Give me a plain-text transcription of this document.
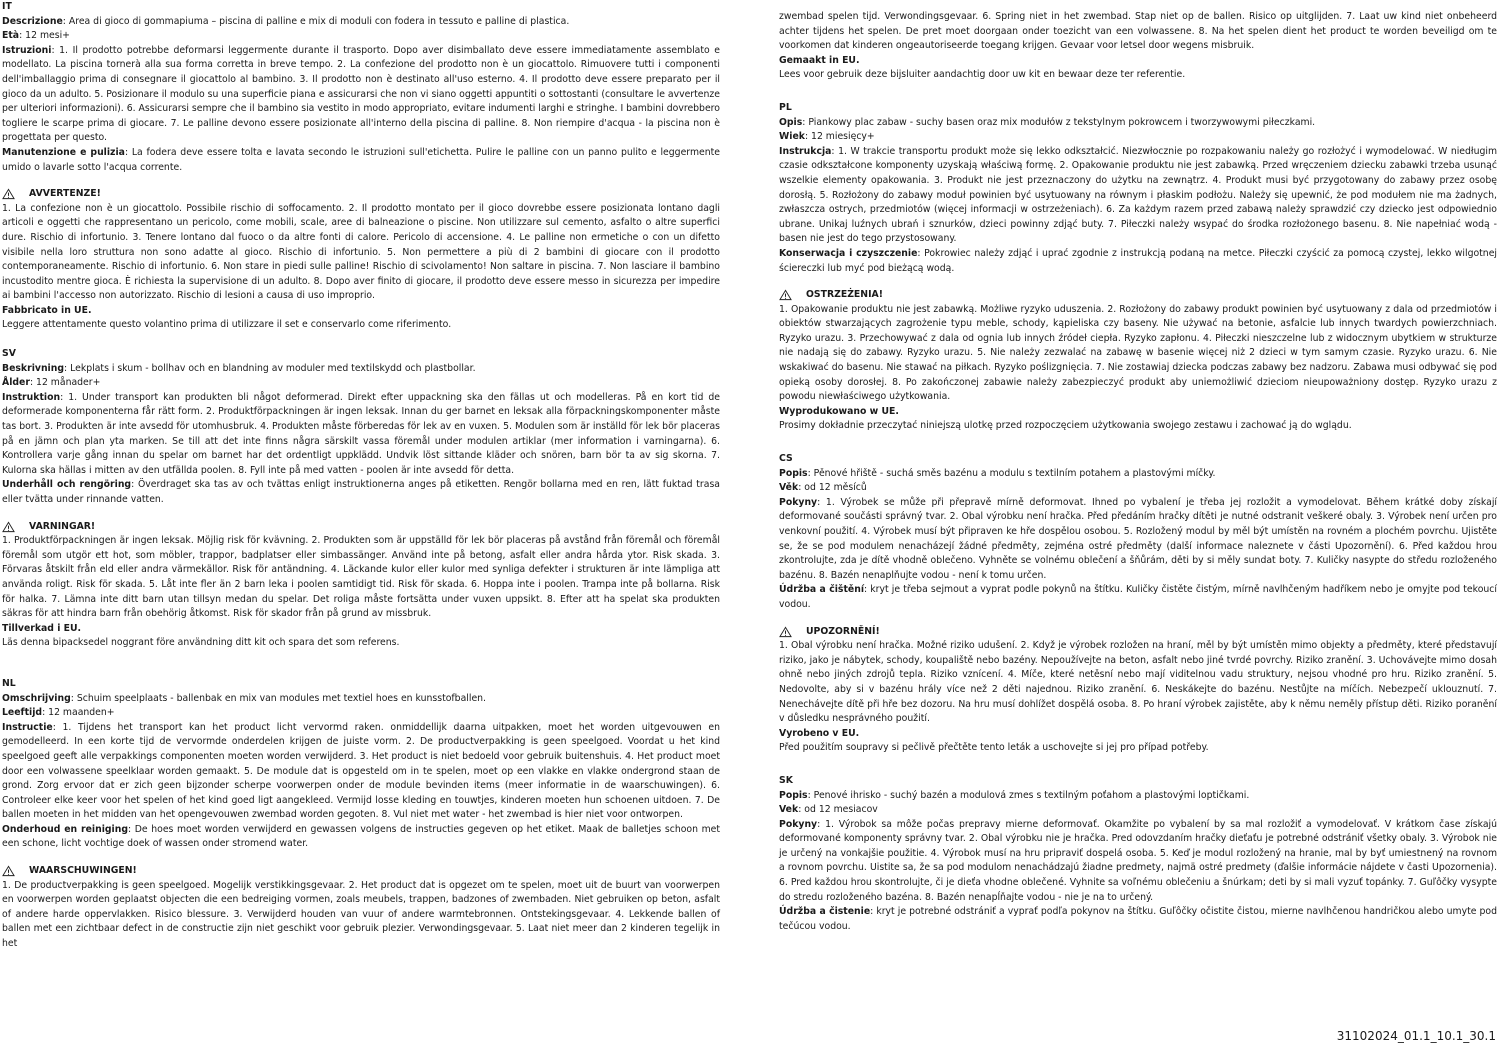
IT

Descrizione: Area di gioco di gommapiuma – piscina di palline e mix di moduli con fodera in tessuto e palline di plastica.

Età: 12 mesi+

Istruzioni: 1. Il prodotto potrebbe deformarsi leggermente durante il trasporto. Dopo aver disimballato deve essere immediatamente assemblato e modellato. La piscina tornerà alla sua forma corretta in breve tempo. 2. La confezione del prodotto non è un giocattolo. Rimuovere tutti i componenti dell'imballaggio prima di consegnare il giocattolo al bambino. 3. Il prodotto non è destinato all'uso esterno. 4. Il prodotto deve essere preparato per il gioco da un adulto. 5. Posizionare il modulo su una superficie piana e assicurarsi che non vi siano oggetti appuntiti o sottostanti (consultare le avvertenze per ulteriori informazioni). 6. Assicurarsi sempre che il bambino sia vestito in modo appropriato, evitare indumenti larghi e stringhe. I bambini dovrebbero togliere le scarpe prima di giocare. 7. Le palline devono essere posizionate all'interno della piscina di palline. 8. Non riempire d'acqua - la piscina non è progettata per questo.

Manutenzione e pulizia: La fodera deve essere tolta e lavata secondo le istruzioni sull'etichetta. Pulire le palline con un panno pulito e leggermente umido o lavarle sotto l'acqua corrente.

AVVERTENZE!

1. La confezione non è un giocattolo. Possibile rischio di soffocamento. 2. Il prodotto montato per il gioco dovrebbe essere posizionata lontano dagli articoli e oggetti che rappresentano un pericolo, come mobili, scale, aree di balneazione o piscine. Non utilizzare sul cemento, asfalto o altre superfici dure. Rischio di infortunio. 3. Tenere lontano dal fuoco o da altre fonti di calore. Pericolo di accensione. 4. Le palline non ermetiche o con un difetto visibile nella loro struttura non sono adatte al gioco. Rischio di infortunio. 5. Non permettere a più di 2 bambini di giocare con il prodotto contemporaneamente. Rischio di infortunio. 6. Non stare in piedi sulle palline! Rischio di scivolamento! Non saltare in piscina. 7. Non lasciare il bambino incustodito mentre gioca. È richiesta la supervisione di un adulto. 8. Dopo aver finito di giocare, il prodotto deve essere messo in sicurezza per impedire ai bambini l'accesso non autorizzato. Rischio di lesioni a causa di uso improprio.

Fabbricato in UE.

Leggere attentamente questo volantino prima di utilizzare il set e conservarlo come riferimento.

SV

Beskrivning: Lekplats i skum - bollhav och en blandning av moduler med textilskydd och plastbollar.

Ålder: 12 månader+

Instruktion: 1. Under transport kan produkten bli något deformerad. Direkt efter uppackning ska den fällas ut och modelleras. På en kort tid de deformerade komponenterna får rätt form. 2. Produktförpackningen är ingen leksak. Innan du ger barnet en leksak alla förpackningskomponenter måste tas bort. 3. Produkten är inte avsedd för utomhusbruk. 4. Produkten måste förberedas för lek av en vuxen. 5. Modulen som är inställd för lek bör placeras på en jämn och plan yta marken. Se till att det inte finns några särskilt vassa föremål under modulen artiklar (mer information i varningarna). 6. Kontrollera varje gång innan du spelar om barnet har det ordentligt uppklädd. Undvik löst sittande kläder och snören, barn bör ta av sig skorna. 7. Kulorna ska hällas i mitten av den utfällda poolen. 8. Fyll inte på med vatten - poolen är inte avsedd för detta.

Underhåll och rengöring: Överdraget ska tas av och tvättas enligt instruktionerna anges på etiketten. Rengör bollarna med en ren, lätt fuktad trasa eller tvätta under rinnande vatten.

VARNINGAR!

1. Produktförpackningen är ingen leksak. Möjlig risk för kvävning. 2. Produkten som är uppställd för lek bör placeras på avstånd från föremål och föremål föremål som utgör ett hot, som möbler, trappor, badplatser eller simbassänger. Använd inte på betong, asfalt eller andra hårda ytor. Risk skada. 3. Förvaras åtskilt från eld eller andra värmekällor. Risk för antändning. 4. Läckande kulor eller kulor med synliga defekter i strukturen är inte lämpliga att använda roligt. Risk för skada. 5. Låt inte fler än 2 barn leka i poolen samtidigt tid. Risk för skada. 6. Hoppa inte i poolen. Trampa inte på bollarna. Risk för halka. 7. Lämna inte ditt barn utan tillsyn medan du spelar. Det roliga måste fortsätta under vuxen uppsikt. 8. Efter att ha spelat ska produkten säkras för att hindra barn från obehörig åtkomst. Risk för skador från på grund av missbruk.

Tillverkad i EU.

Läs denna bipacksedel noggrant före användning ditt kit och spara det som referens.

NL

Omschrijving: Schuim speelplaats - ballenbak en mix van modules met textiel hoes en kunsstofballen.

Leeftijd: 12 maanden+

Instructie: 1. Tijdens het transport kan het product licht vervormd raken. onmiddellijk daarna uitpakken, moet het worden uitgevouwen en gemodelleerd. In een korte tijd de vervormde onderdelen krijgen de juiste vorm. 2. De productverpakking is geen speelgoed. Voordat u het kind speelgoed geeft alle verpakkings componenten moeten worden verwijderd. 3. Het product is niet bedoeld voor gebruik buitenshuis. 4. Het product moet door een volwassene speelklaar worden gemaakt. 5. De module dat is opgesteld om in te spelen, moet op een vlakke en vlakke ondergrond staan de grond. Zorg ervoor dat er zich geen bijzonder scherpe voorwerpen onder de module bevinden items (meer informatie in de waarschuwingen). 6. Controleer elke keer voor het spelen of het kind goed ligt aangekleed. Vermijd losse kleding en touwtjes, kinderen moeten hun schoenen uitdoen. 7. De ballen moeten in het midden van het opengevouwen zwembad worden gegoten. 8. Vul niet met water - het zwembad is hier niet voor ontworpen.

Onderhoud en reiniging: De hoes moet worden verwijderd en gewassen volgens de instructies gegeven op het etiket. Maak de balletjes schoon met een schone, licht vochtige doek of wassen onder stromend water.

WAARSCHUWINGEN!

1. De productverpakking is geen speelgoed. Mogelijk verstikkingsgevaar. 2. Het product dat is opgezet om te spelen, moet uit de buurt van voorwerpen en voorwerpen worden geplaatst objecten die een bedreiging vormen, zoals meubels, trappen, badzones of zwembaden. Niet gebruiken op beton, asfalt of andere harde oppervlakken. Risico blessure. 3. Verwijderd houden van vuur of andere warmtebronnen. Ontstekingsgevaar. 4. Lekkende ballen of ballen met een zichtbaar defect in de constructie zijn niet geschikt voor gebruik plezier. Verwondingsgevaar. 5. Laat niet meer dan 2 kinderen tegelijk in het

zwembad spelen tijd. Verwondingsgevaar. 6. Spring niet in het zwembad. Stap niet op de ballen. Risico op uitglijden. 7. Laat uw kind niet onbeheerd achter tijdens het spelen. De pret moet doorgaan onder toezicht van een volwassene. 8. Na het spelen dient het product te worden beveiligd om te voorkomen dat kinderen ongeautoriseerde toegang krijgen. Gevaar voor letsel door wegens misbruik.

Gemaakt in EU.

Lees voor gebruik deze bijsluiter aandachtig door uw kit en bewaar deze ter referentie.

PL

Opis: Piankowy plac zabaw - suchy basen oraz mix modułów z tekstylnym pokrowcem i tworzywowymi piłeczkami.

Wiek: 12 miesięcy+

Instrukcja: 1. W trakcie transportu produkt może się lekko odkształcić. Niezwłocznie po rozpakowaniu należy go rozłożyć i wymodelować. W niedługim czasie odkształcone komponenty uzyskają właściwą formę. 2. Opakowanie produktu nie jest zabawką. Przed wręczeniem dziecku zabawki trzeba usunąć wszelkie elementy opakowania. 3. Produkt nie jest przeznaczony do użytku na zewnątrz. 4. Produkt musi być przygotowany do zabawy przez osobę dorosłą. 5. Rozłożony do zabawy moduł powinien być usytuowany na równym i płaskim podłożu. Należy się upewnić, że pod modułem nie ma żadnych, zwłaszcza ostrych, przedmiotów (więcej informacji w ostrzeżeniach). 6. Za każdym razem przed zabawą należy sprawdzić czy dziecko jest odpowiednio ubrane. Unikaj luźnych ubrań i sznurków, dzieci powinny zdjąć buty. 7. Piłeczki należy wsypać do środka rozłożonego basenu. 8. Nie napełniać wodą - basen nie jest do tego przystosowany.

Konserwacja i czyszczenie: Pokrowiec należy zdjąć i uprać zgodnie z instrukcją podaną na metce. Piłeczki czyścić za pomocą czystej, lekko wilgotnej ściereczki lub myć pod bieżącą wodą.

OSTRZEŻENIA!

1. Opakowanie produktu nie jest zabawką. Możliwe ryzyko uduszenia. 2. Rozłożony do zabawy produkt powinien być usytuowany z dala od przedmiotów i obiektów stwarzających zagrożenie typu meble, schody, kąpieliska czy baseny. Nie używać na betonie, asfalcie lub innych twardych powierzchniach. Ryzyko urazu. 3. Przechowywać z dala od ognia lub innych źródeł ciepła. Ryzyko zapłonu. 4. Piłeczki nieszczelne lub z widocznym ubytkiem w strukturze nie nadają się do zabawy. Ryzyko urazu. 5. Nie należy zezwalać na zabawę w basenie więcej niż 2 dzieci w tym samym czasie. Ryzyko urazu. 6. Nie wskakiwać do basenu. Nie stawać na piłkach. Ryzyko poślizgnięcia. 7. Nie zostawiaj dziecka podczas zabawy bez nadzoru. Zabawa musi odbywać się pod opieką osoby dorosłej. 8. Po zakończonej zabawie należy zabezpieczyć produkt aby uniemożliwić dzieciom nieupoważniony dostęp. Ryzyko urazu z powodu niewłaściwego użytkowania.

Wyprodukowano w UE.

Prosimy dokładnie przeczytać niniejszą ulotkę przed rozpoczęciem użytkowania swojego zestawu i zachować ją do wglądu.

CS

Popis: Pěnové hřiště - suchá směs bazénu a modulu s textilním potahem a plastovými míčky.

Věk: od 12 měsíců

Pokyny: 1. Výrobek se může při přepravě mírně deformovat. Ihned po vybalení je třeba jej rozložit a vymodelovat. Během krátké doby získají deformované součásti správný tvar. 2. Obal výrobku není hračka. Před předáním hračky dítěti je nutné odstranit veškeré obaly. 3. Výrobek není určen pro venkovní použití. 4. Výrobek musí být připraven ke hře dospělou osobou. 5. Rozložený modul by měl být umístěn na rovném a plochém povrchu. Ujistěte se, že se pod modulem nenacházejí žádné předměty, zejména ostré předměty (další informace naleznete v části Upozornění). 6. Před každou hrou zkontrolujte, zda je dítě vhodně oblečeno. Vyhněte se volnému oblečení a šňůrám, děti by si měly sundat boty. 7. Kuličky nasypte do středu rozloženého bazénu. 8. Bazén nenaplňujte vodou - není k tomu určen.

Údržba a čištění: kryt je třeba sejmout a vyprat podle pokynů na štítku. Kuličky čistěte čistým, mírně navlhčeným hadříkem nebo je omyjte pod tekoucí vodou.

UPOZORNĚNÍ!

1. Obal výrobku není hračka. Možné riziko udušení. 2. Když je výrobek rozložen na hraní, měl by být umístěn mimo objekty a předměty, které představují riziko, jako je nábytek, schody, koupaliště nebo bazény. Nepoužívejte na beton, asfalt nebo jiné tvrdé povrchy. Riziko zranění. 3. Uchovávejte mimo dosah ohně nebo jiných zdrojů tepla. Riziko vznícení. 4. Míče, které netěsní nebo mají viditelnou vadu struktury, nejsou vhodné pro hru. Riziko zranění. 5. Nedovolte, aby si v bazénu hrály více než 2 děti najednou. Riziko zranění. 6. Neskákejte do bazénu. Nestůjte na míčích. Nebezpečí uklouznutí. 7. Nenechávejte dítě při hře bez dozoru. Na hru musí dohlížet dospělá osoba. 8. Po hraní výrobek zajistěte, aby k němu neměly přístup děti. Riziko poranění v důsledku nesprávného použití.

Vyrobeno v EU.

Před použitím soupravy si pečlivě přečtěte tento leták a uschovejte si jej pro případ potřeby.

SK

Popis: Penové ihrisko - suchý bazén a modulová zmes s textilným poťahom a plastovými loptičkami.

Vek: od 12 mesiacov

Pokyny: 1. Výrobok sa môže počas prepravy mierne deformovať. Okamžite po vybalení by sa mal rozložiť a vymodelovať. V krátkom čase získajú deformované komponenty správny tvar. 2. Obal výrobku nie je hračka. Pred odovzdaním hračky dieťaťu je potrebné odstrániť všetky obaly. 3. Výrobok nie je určený na vonkajšie použitie. 4. Výrobok musí na hru pripraviť dospelá osoba. 5. Keď je modul rozložený na hranie, mal by byť umiestnený na rovnom a rovnom povrchu. Uistite sa, že sa pod modulom nenachádzajú žiadne predmety, najmä ostré predmety (ďalšie informácie nájdete v časti Upozornenia). 6. Pred každou hrou skontrolujte, či je dieťa vhodne oblečené. Vyhnite sa voľnému oblečeniu a šnúrkam; deti by si mali vyzuť topánky. 7. Guľôčky vysypte do stredu rozloženého bazéna. 8. Bazén nenapĺňajte vodou - nie je na to určený.

Údržba a čistenie: kryt je potrebné odstrániť a vyprať podľa pokynov na štítku. Guľôčky očistite čistou, mierne navlhčenou handričkou alebo umyte pod tečúcou vodou.

31102024_01.1_10.1_30.1
